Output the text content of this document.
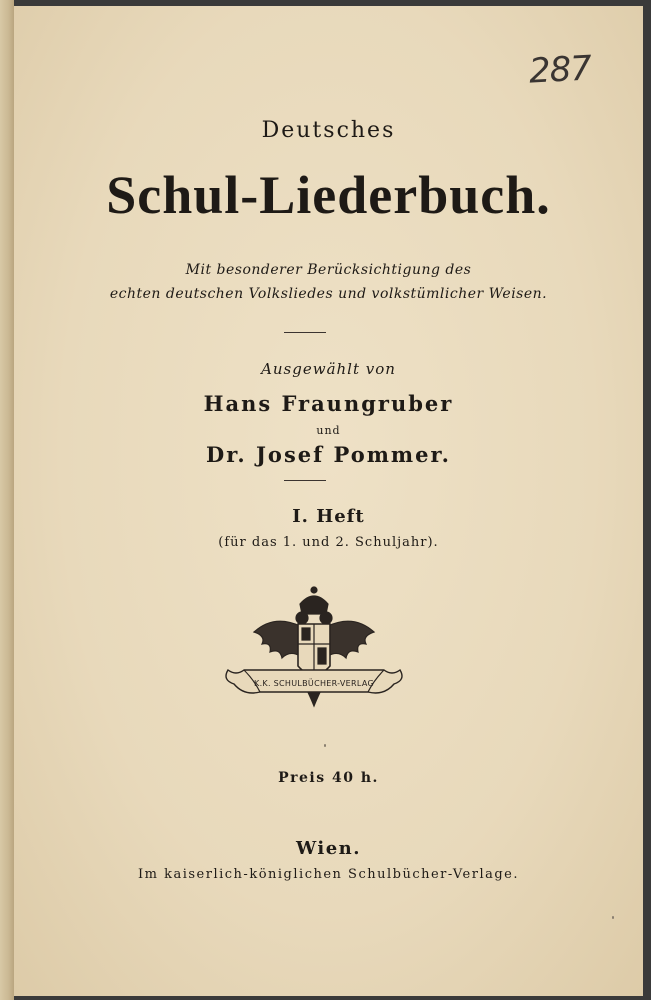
287
Deutsches
Schul-Liederbuch.
Mit besonderer Berücksichtigung des
echten deutschen Volksliedes und volkstümlicher Weisen.
Ausgewählt von
Hans Fraungruber
und
Dr. Josef Pommer.
I. Heft
(für das 1. und 2. Schuljahr).
K.K. SCHULBÜCHER-VERLAG
Preis 40 h.
Wien.
Im kaiserlich-königlichen Schulbücher-Verlage.
